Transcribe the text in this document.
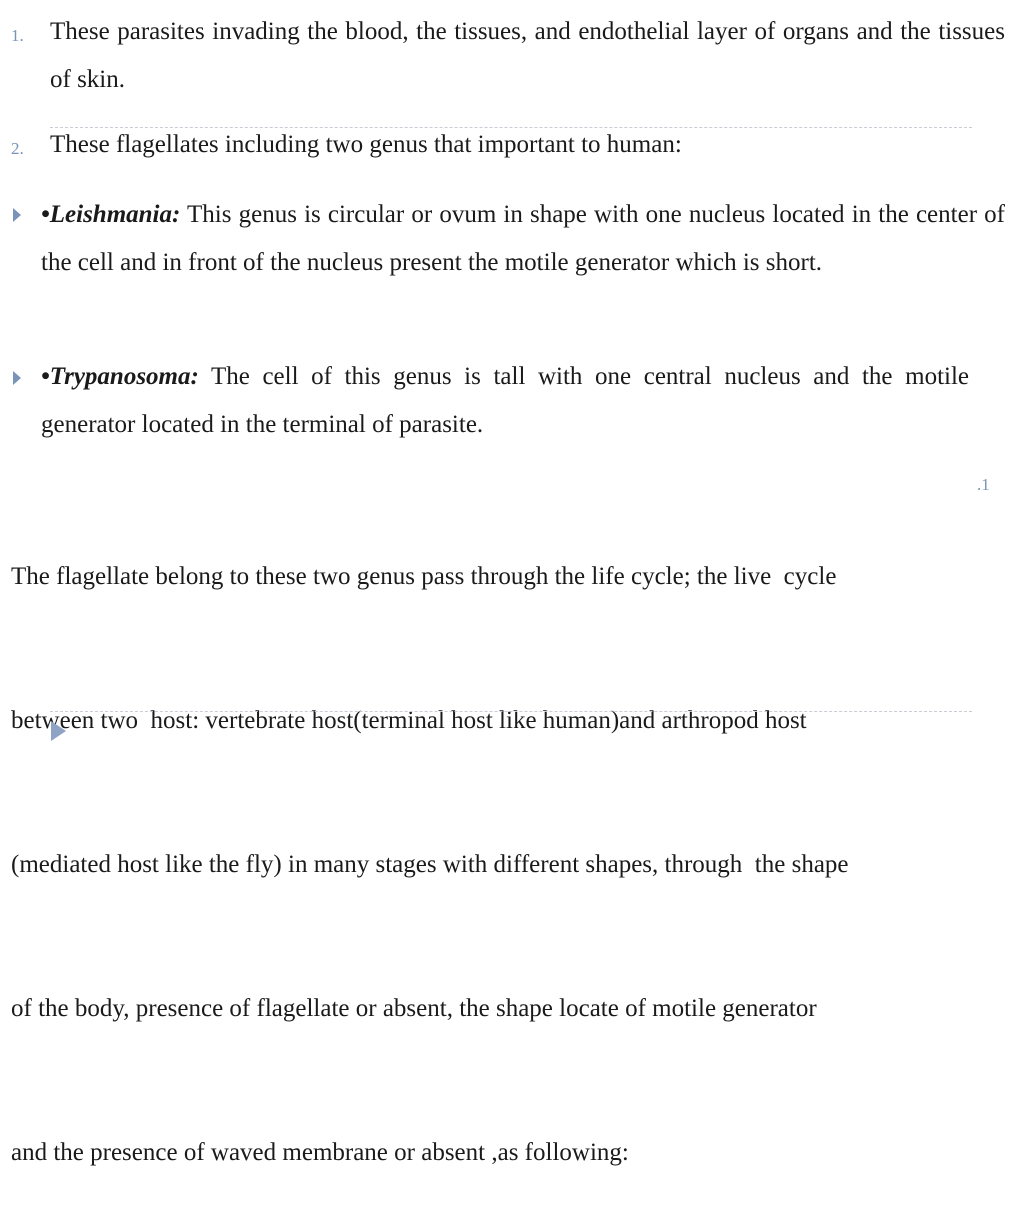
1. These parasites invading the blood, the tissues, and endothelial layer of organs and the tissues of skin.

2. These flagellates including two genus that important to human:

•Leishmania: This genus is circular or ovum in shape with one nucleus located in the center of the cell and in front of the nucleus present the motile generator which is short.

•Trypanosoma: The cell of this genus is tall with one central nucleus and the motile generator located in the terminal of parasite.

.1

The flagellate belong to these two genus pass through the life cycle; the live  cycle

between two  host: vertebrate host(terminal host like human)and arthropod host

(mediated host like the fly) in many stages with different shapes, through  the shape

of the body, presence of flagellate or absent, the shape locate of motile generator

and the presence of waved membrane or absent ,as following:
